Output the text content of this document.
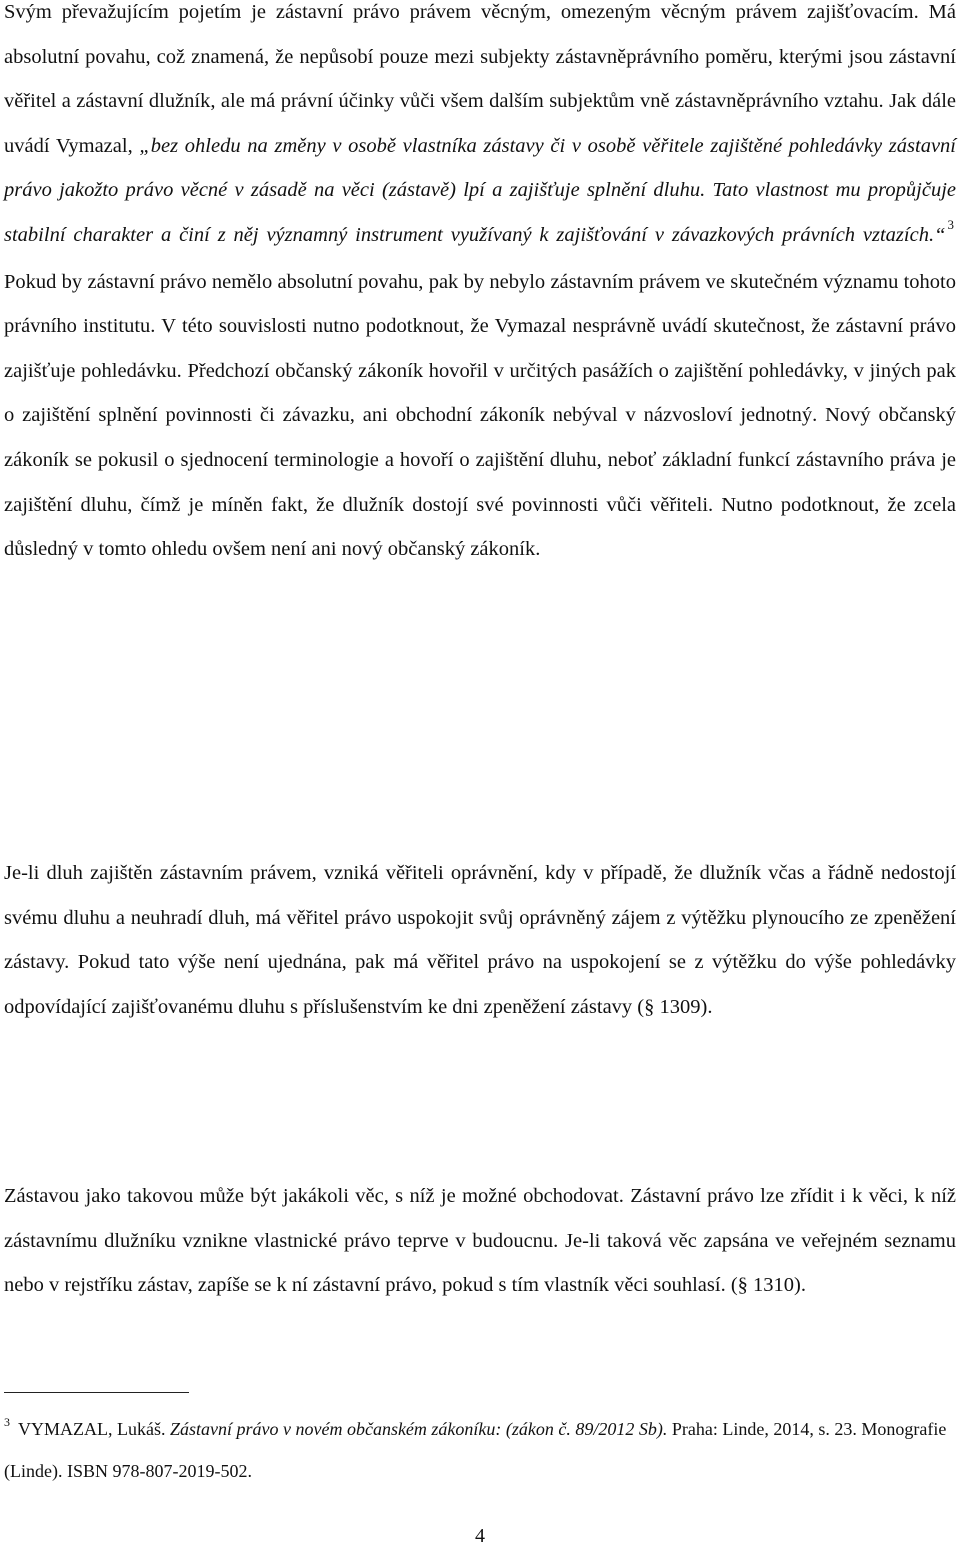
Svým převažujícím pojetím je zástavní právo právem věcným, omezeným věcným právem zajišťovacím. Má absolutní povahu, což znamená, že nepůsobí pouze mezi subjekty zástavněprávního poměru, kterými jsou zástavní věřitel a zástavní dlužník, ale má právní účinky vůči všem dalším subjektům vně zástavněprávního vztahu. Jak dále uvádí Vymazal, „bez ohledu na změny v osobě vlastníka zástavy či v osobě věřitele zajištěné pohledávky zástavní právo jakožto právo věcné v zásadě na věci (zástavě) lpí a zajišťuje splnění dluhu. Tato vlastnost mu propůjčuje stabilní charakter a činí z něj významný instrument využívaný k zajišťování v závazkových právních vztazích.“ $^3$ Pokud by zástavní právo nemělo absolutní povahu, pak by nebylo zástavním právem ve skutečném významu tohoto právního institutu. V této souvislosti nutno podotknout, že Vymazal nesprávně uvádí skutečnost, že zástavní právo zajišťuje pohledávku. Předchozí občanský zákoník hovořil v určitých pasážích o zajištění pohledávky, v jiných pak o zajištění splnění povinnosti či závazku, ani obchodní zákoník nebýval v názvosloví jednotný. Nový občanský zákoník se pokusil o sjednocení terminologie a hovoří o zajištění dluhu, neboť základní funkcí zástavního práva je zajištění dluhu, čímž je míněn fakt, že dlužník dostojí své povinnosti vůči věřiteli. Nutno podotknout, že zcela důsledný v tomto ohledu ovšem není ani nový občanský zákoník.

Je-li dluh zajištěn zástavním právem, vzniká věřiteli oprávnění, kdy v případě, že dlužník včas a řádně nedostojí svému dluhu a neuhradí dluh, má věřitel právo uspokojit svůj oprávněný zájem z výtěžku plynoucího ze zpeněžení zástavy. Pokud tato výše není ujednána, pak má věřitel právo na uspokojení se z výtěžku do výše pohledávky odpovídající zajišťovanému dluhu s příslušenstvím ke dni zpeněžení zástavy (§ 1309).

Zástavou jako takovou může být jakákoli věc, s níž je možné obchodovat. Zástavní právo lze zřídit i k věci, k níž zástavnímu dlužníku vznikne vlastnické právo teprve v budoucnu. Je-li taková věc zapsána ve veřejném seznamu nebo v rejstříku zástav, zapíše se k ní zástavní právo, pokud s tím vlastník věci souhlasí. (§ 1310).

$^3$ VYMAZAL, Lukáš. Zástavní právo v novém občanském zákoníku: (zákon č. 89/2012 Sb). Praha: Linde, 2014, s. 23. Monografie (Linde). ISBN 978-807-2019-502.

4
